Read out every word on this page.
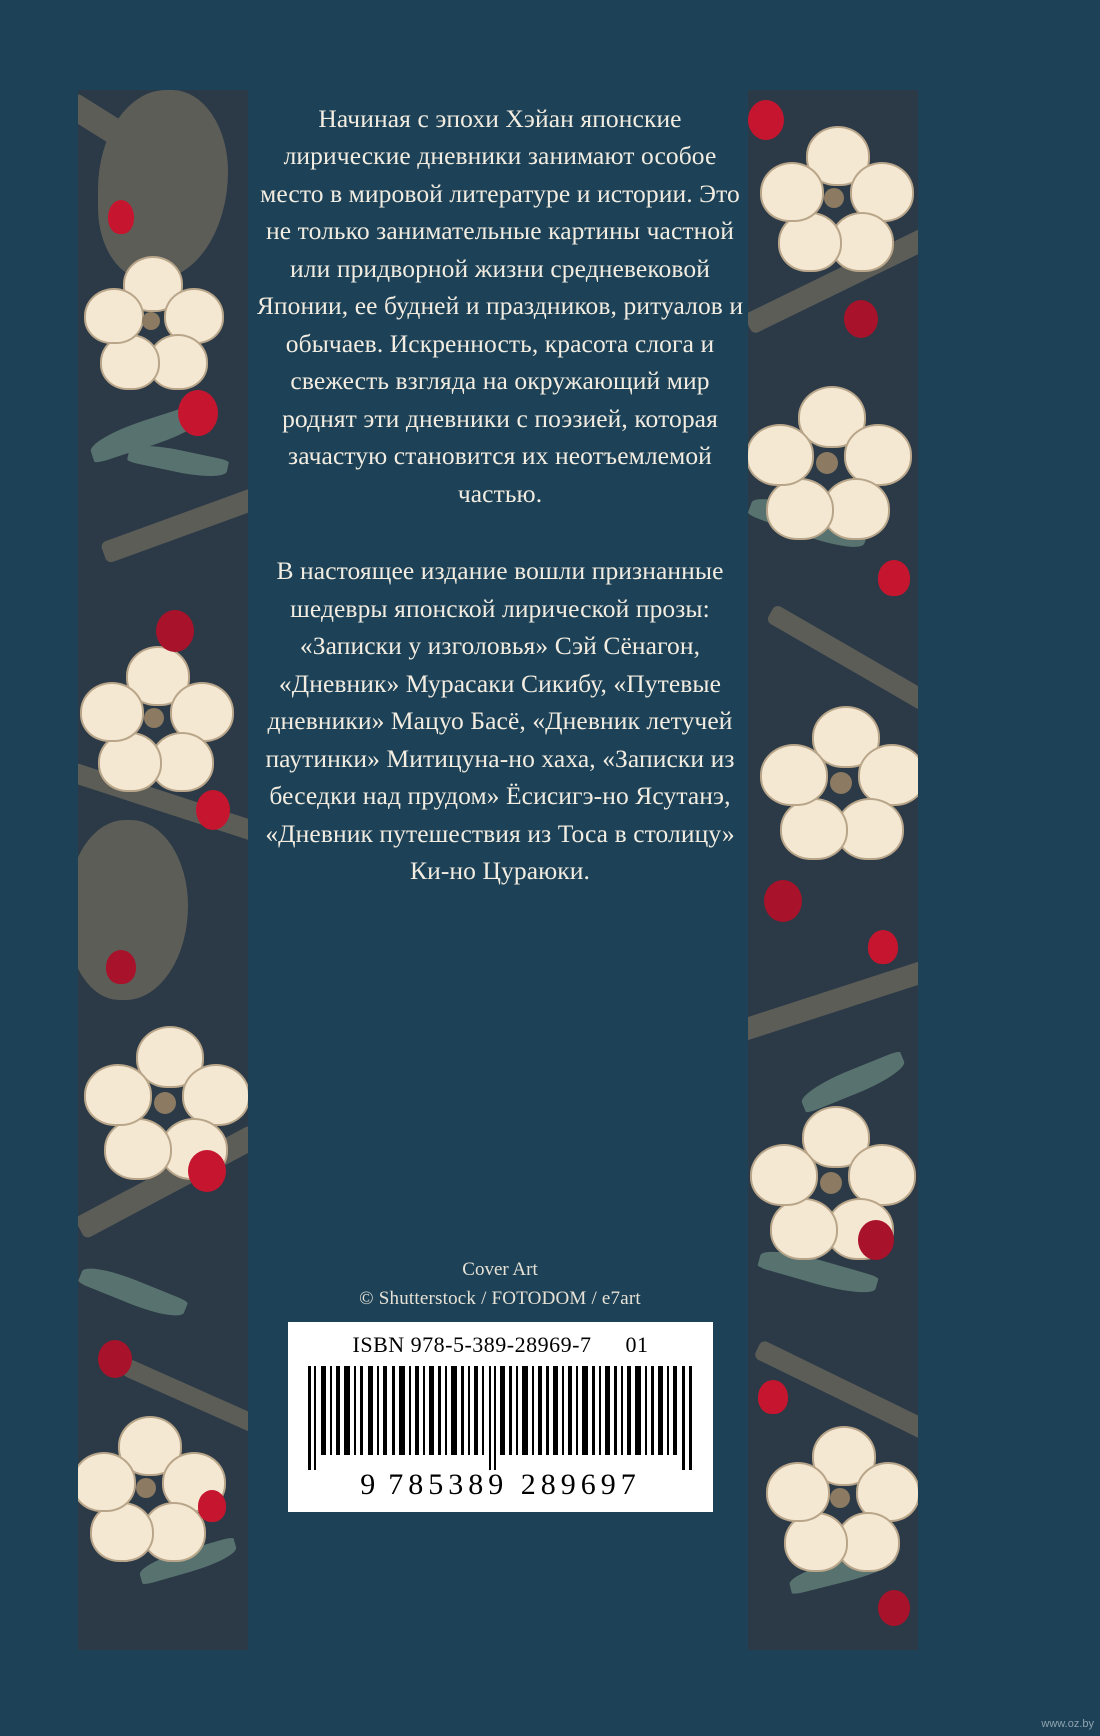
Начиная с эпохи Хэйан японские лирические дневники занимают особое место в мировой литературе и истории. Это не только занимательные картины частной или придворной жизни средневековой Японии, ее будней и праздников, ритуалов и обычаев. Искренность, красота слога и свежесть взгляда на окружающий мир роднят эти дневники с поэзией, которая зачастую становится их неотъемлемой частью.

В настоящее издание вошли признанные шедевры японской лирической прозы: «Записки у изголовья» Сэй Сёнагон, «Дневник» Мурасаки Сикибу, «Путевые дневники» Мацуо Басё, «Дневник летучей паутинки» Митицуна-но хаха, «Записки из беседки над прудом» Ёсисигэ-но Ясутанэ, «Дневник путешествия из Тоса в столицу» Ки-но Цураюки.

Cover Art
© Shutterstock / FOTODOM / e7art
ISBN 978-5-389-28969-7 01
9 785389 289697
www.oz.by
